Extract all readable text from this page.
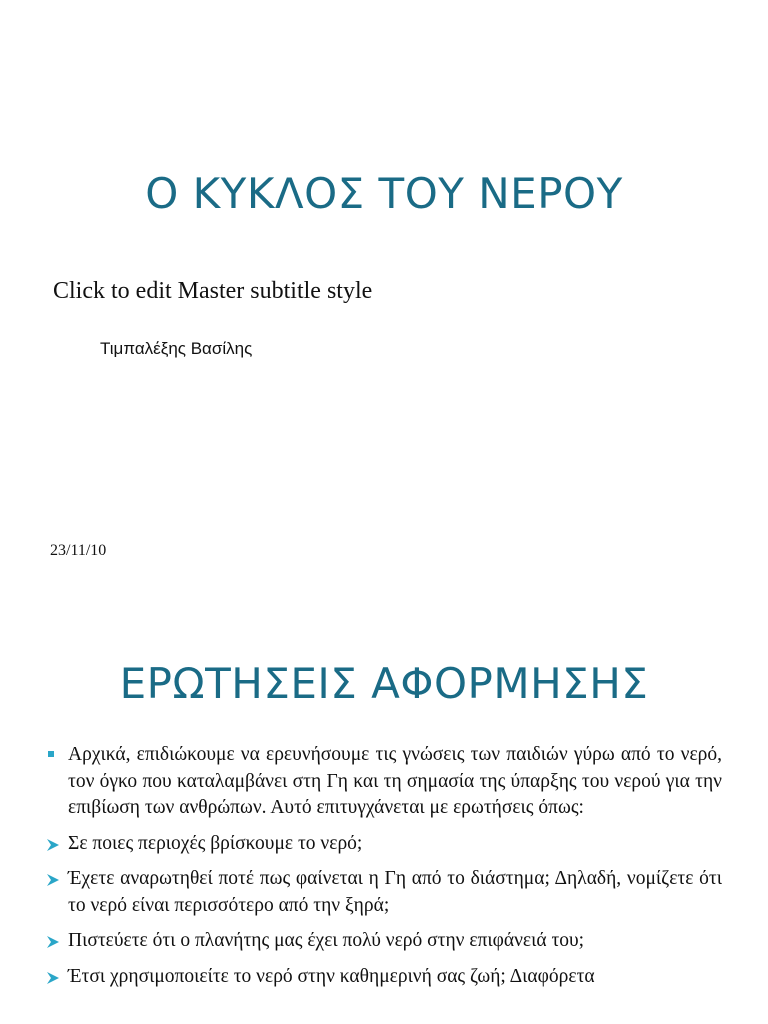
Ο ΚΥΚΛΟΣ ΤΟΥ ΝΕΡΟΥ
Click to edit Master subtitle style
Τιμπαλέξης Βασίλης
23/11/10
ΕΡΩΤΗΣΕΙΣ ΑΦΟΡΜΗΣΗΣ
Αρχικά, επιδιώκουμε να ερευνήσουμε τις γνώσεις των παιδιών γύρω από το νερό, τον όγκο που καταλαμβάνει στη Γη και τη σημασία της ύπαρξης του νερού για την επιβίωση των ανθρώπων. Αυτό επιτυγχάνεται με ερωτήσεις όπως:
Σε ποιες περιοχές βρίσκουμε το νερό;
Έχετε αναρωτηθεί ποτέ πως φαίνεται η Γη από το διάστημα; Δηλαδή, νομίζετε ότι το νερό είναι περισσότερο από την ξηρά;
Πιστεύετε ότι ο πλανήτης μας έχει πολύ νερό στην επιφάνειά του;
Έτσι χρησιμοποιείτε το νερό στην καθημερινή σας ζωή; Διαφόρετα
